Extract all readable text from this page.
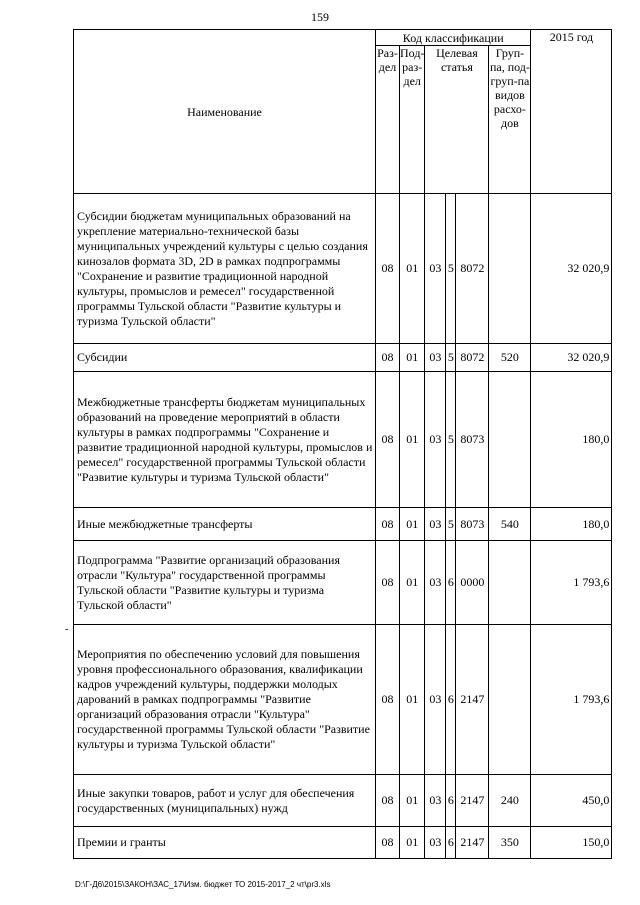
159
Наименование	Код классификации						2015 год
	Раз-дел	Под-раз-дел	Целевая статья			Груп-па, под-груп-па видов расхо-дов	
Субсидии бюджетам муниципальных образований на укрепление материально-технической базы муниципальных учреждений культуры с целью создания кинозалов формата 3D, 2D в рамках подпрограммы "Сохранение и развитие традиционной народной культуры, промыслов и ремесел" государственной программы Тульской области "Развитие культуры и туризма Тульской области"	08	01	03	5	8072		32 020,9
Субсидии	08	01	03	5	8072	520	32 020,9
Межбюджетные трансферты бюджетам муниципальных образований на проведение мероприятий в области культуры в рамках подпрограммы "Сохранение и развитие традиционной народной культуры, промыслов и ремесел" государственной программы Тульской области "Развитие культуры и туризма Тульской области"	08	01	03	5	8073		180,0
Иные межбюджетные трансферты	08	01	03	5	8073	540	180,0
Подпрограмма "Развитие организаций образования отрасли "Культура" государственной программы Тульской области "Развитие культуры и туризма Тульской области"	08	01	03	6	0000		1 793,6
Мероприятия по обеспечению условий для повышения уровня профессионального образования, квалификации кадров учреждений культуры, поддержки молодых дарований в рамках подпрограммы "Развитие организаций образования отрасли "Культура" государственной программы Тульской области "Развитие культуры и туризма Тульской области"	08	01	03	6	2147		1 793,6
Иные закупки товаров, работ и услуг для обеспечения государственных (муниципальных) нужд	08	01	03	6	2147	240	450,0
Премии и гранты	08	01	03	6	2147	350	150,0
-
D:\Г-Д6\2015\ЗАКОН\ЗАС_17\Изм. бюджет ТО 2015-2017_2 чт\pr3.xls
